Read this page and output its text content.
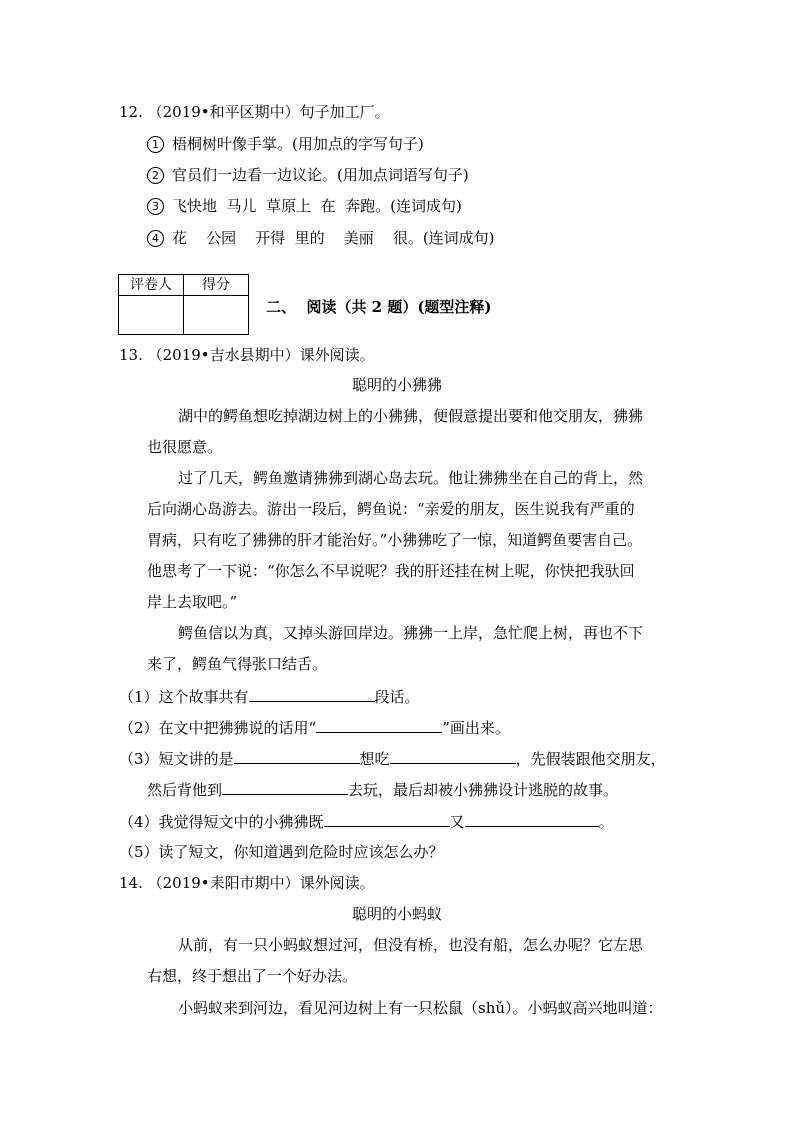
12. （2019•和平区期中）句子加工厂。
1 梧桐树叶像手掌。(用加点的字写句子)
2 官员们一边看一边议论。(用加点词语写句子)
3 飞快地  马儿  草原上  在  奔跑。(连词成句)
4 花    公园    开得  里的    美丽    很。(连词成句)
评卷人	得分

二、  阅读（共 2 题）(题型注释)
13. （2019•吉水县期中）课外阅读。
聪明的小狒狒
湖中的鳄鱼想吃掉湖边树上的小狒狒，便假意提出要和他交朋友，狒狒
也很愿意。
过了几天，鳄鱼邀请狒狒到湖心岛去玩。他让狒狒坐在自己的背上，然
后向湖心岛游去。游出一段后，鳄鱼说：“亲爱的朋友，医生说我有严重的
胃病，只有吃了狒狒的肝才能治好。”小狒狒吃了一惊，知道鳄鱼要害自己。
他思考了一下说：“你怎么不早说呢？我的肝还挂在树上呢，你快把我驮回
岸上去取吧。”
鳄鱼信以为真，又掉头游回岸边。狒狒一上岸，急忙爬上树，再也不下
来了，鳄鱼气得张口结舌。
（1）这个故事共有	段话。
（2）在文中把狒狒说的话用“	”画出来。
（3）短文讲的是	想吃	，先假装跟他交朋友，
然后背他到	去玩，最后却被小狒狒设计逃脱的故事。
（4）我觉得短文中的小狒狒既	又	。
（5）读了短文，你知道遇到危险时应该怎么办？
14. （2019•耒阳市期中）课外阅读。
聪明的小蚂蚁
从前，有一只小蚂蚁想过河，但没有桥，也没有船，怎么办呢？它左思
右想，终于想出了一个好办法。
小蚂蚁来到河边，看见河边树上有一只松鼠（shǔ）。小蚂蚁高兴地叫道：
